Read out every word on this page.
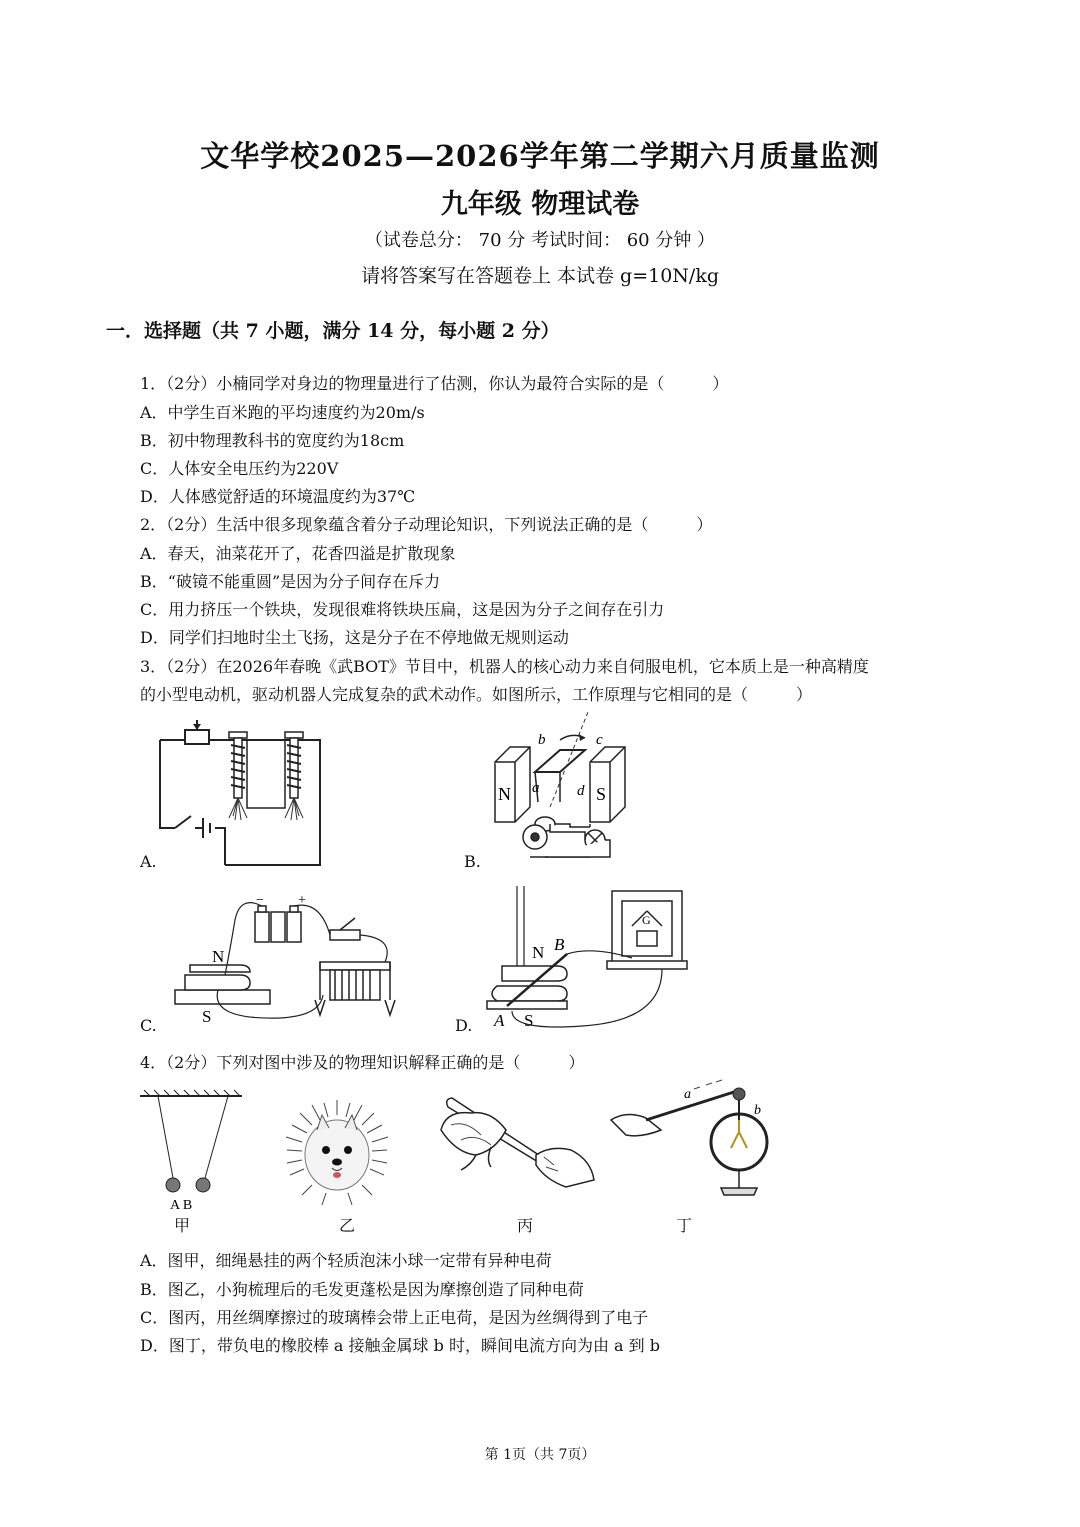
文华学校2025—2026学年第二学期六月质量监测
九年级 物理试卷
（试卷总分： 70 分 考试时间： 60 分钟 ）
请将答案写在答题卷上 本试卷 g=10N/kg
一．选择题（共 7 小题，满分 14 分，每小题 2 分）
1．（2分）小楠同学对身边的物理量进行了估测，你认为最符合实际的是（　　　）
A．中学生百米跑的平均速度约为20m/s
B．初中物理教科书的宽度约为18cm
C．人体安全电压约为220V
D．人体感觉舒适的环境温度约为37℃
2．（2分）生活中很多现象蕴含着分子动理论知识，下列说法正确的是（　　　）
A．春天，油菜花开了，花香四溢是扩散现象
B．“破镜不能重圆”是因为分子间存在斥力
C．用力挤压一个铁块，发现很难将铁块压扁，这是因为分子之间存在引力
D．同学们扫地时尘土飞扬，这是分子在不停地做无规则运动
3．（2分）在2026年春晚《武BOT》节目中，机器人的核心动力来自伺服电机，它本质上是一种高精度
的小型电动机，驱动机器人完成复杂的武术动作。如图所示，工作原理与它相同的是（　　　）
A.
b	c
a	d
N	S
B.
− +
N
S
C.
G
N B
A S
D.
4．（2分）下列对图中涉及的物理知识解释正确的是（　　　）
A B
甲	乙	丙
a
b
丁
A．图甲，细绳悬挂的两个轻质泡沫小球一定带有异种电荷
B．图乙，小狗梳理后的毛发更蓬松是因为摩擦创造了同种电荷
C．图丙，用丝绸摩擦过的玻璃棒会带上正电荷，是因为丝绸得到了电子
D．图丁，带负电的橡胶棒 a 接触金属球 b 时，瞬间电流方向为由 a 到 b
第 1页（共 7页）
